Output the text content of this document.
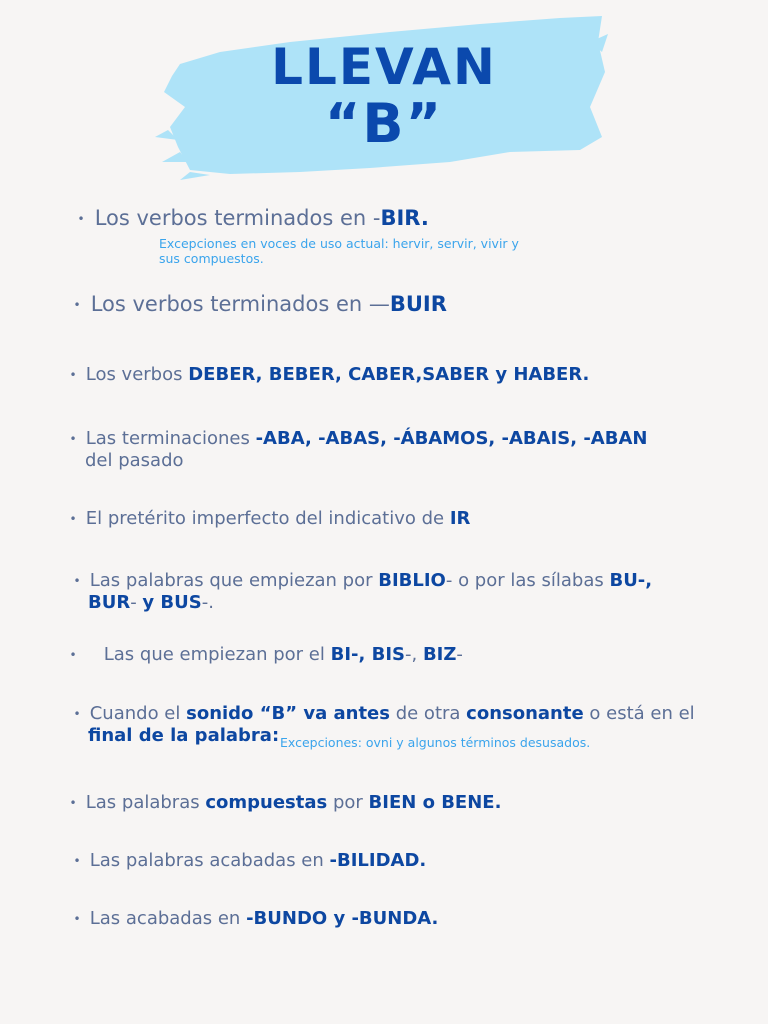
LLEVAN
“B”
• Los verbos terminados en -BIR.
Excepciones en voces de uso actual: hervir, servir, vivir y sus compuestos.
• Los verbos terminados en —BUIR
• Los verbos DEBER, BEBER, CABER,SABER y HABER.
• Las terminaciones -ABA, -ABAS, -ÁBAMOS, -ABAIS, -ABAN
del pasado
• El pretérito imperfecto del indicativo de IR
• Las palabras que empiezan por BIBLIO- o por las sílabas BU-,
BUR- y BUS-.
• Las que empiezan por el BI-, BIS-, BIZ-
• Cuando el sonido “B” va antes de otra consonante o está en el
final de la palabra: Excepciones: ovni y algunos términos desusados.
• Las palabras compuestas por BIEN o BENE.
• Las palabras acabadas en -BILIDAD.
• Las acabadas en -BUNDO y -BUNDA.
